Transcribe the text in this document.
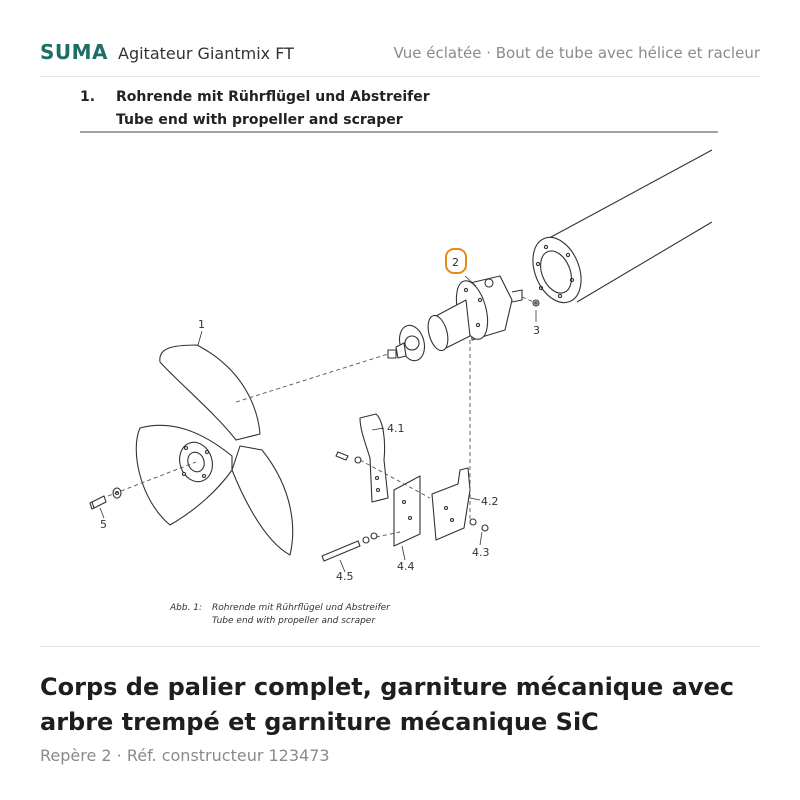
SUMA Agitateur Giantmix FT	Vue éclatée · Bout de tube avec hélice et racleur
1. Rohrende mit Rührflügel und Abstreifer
Tube end with propeller and scraper
1
2
3
4.1
4.2
4.3
4.4
4.5
5
Abb. 1: Rohrende mit Rührflügel und Abstreifer
Tube end with propeller and scraper
Corps de palier complet, garniture mécanique avec arbre trempé et garniture mécanique SiC
Repère 2 · Réf. constructeur 123473
